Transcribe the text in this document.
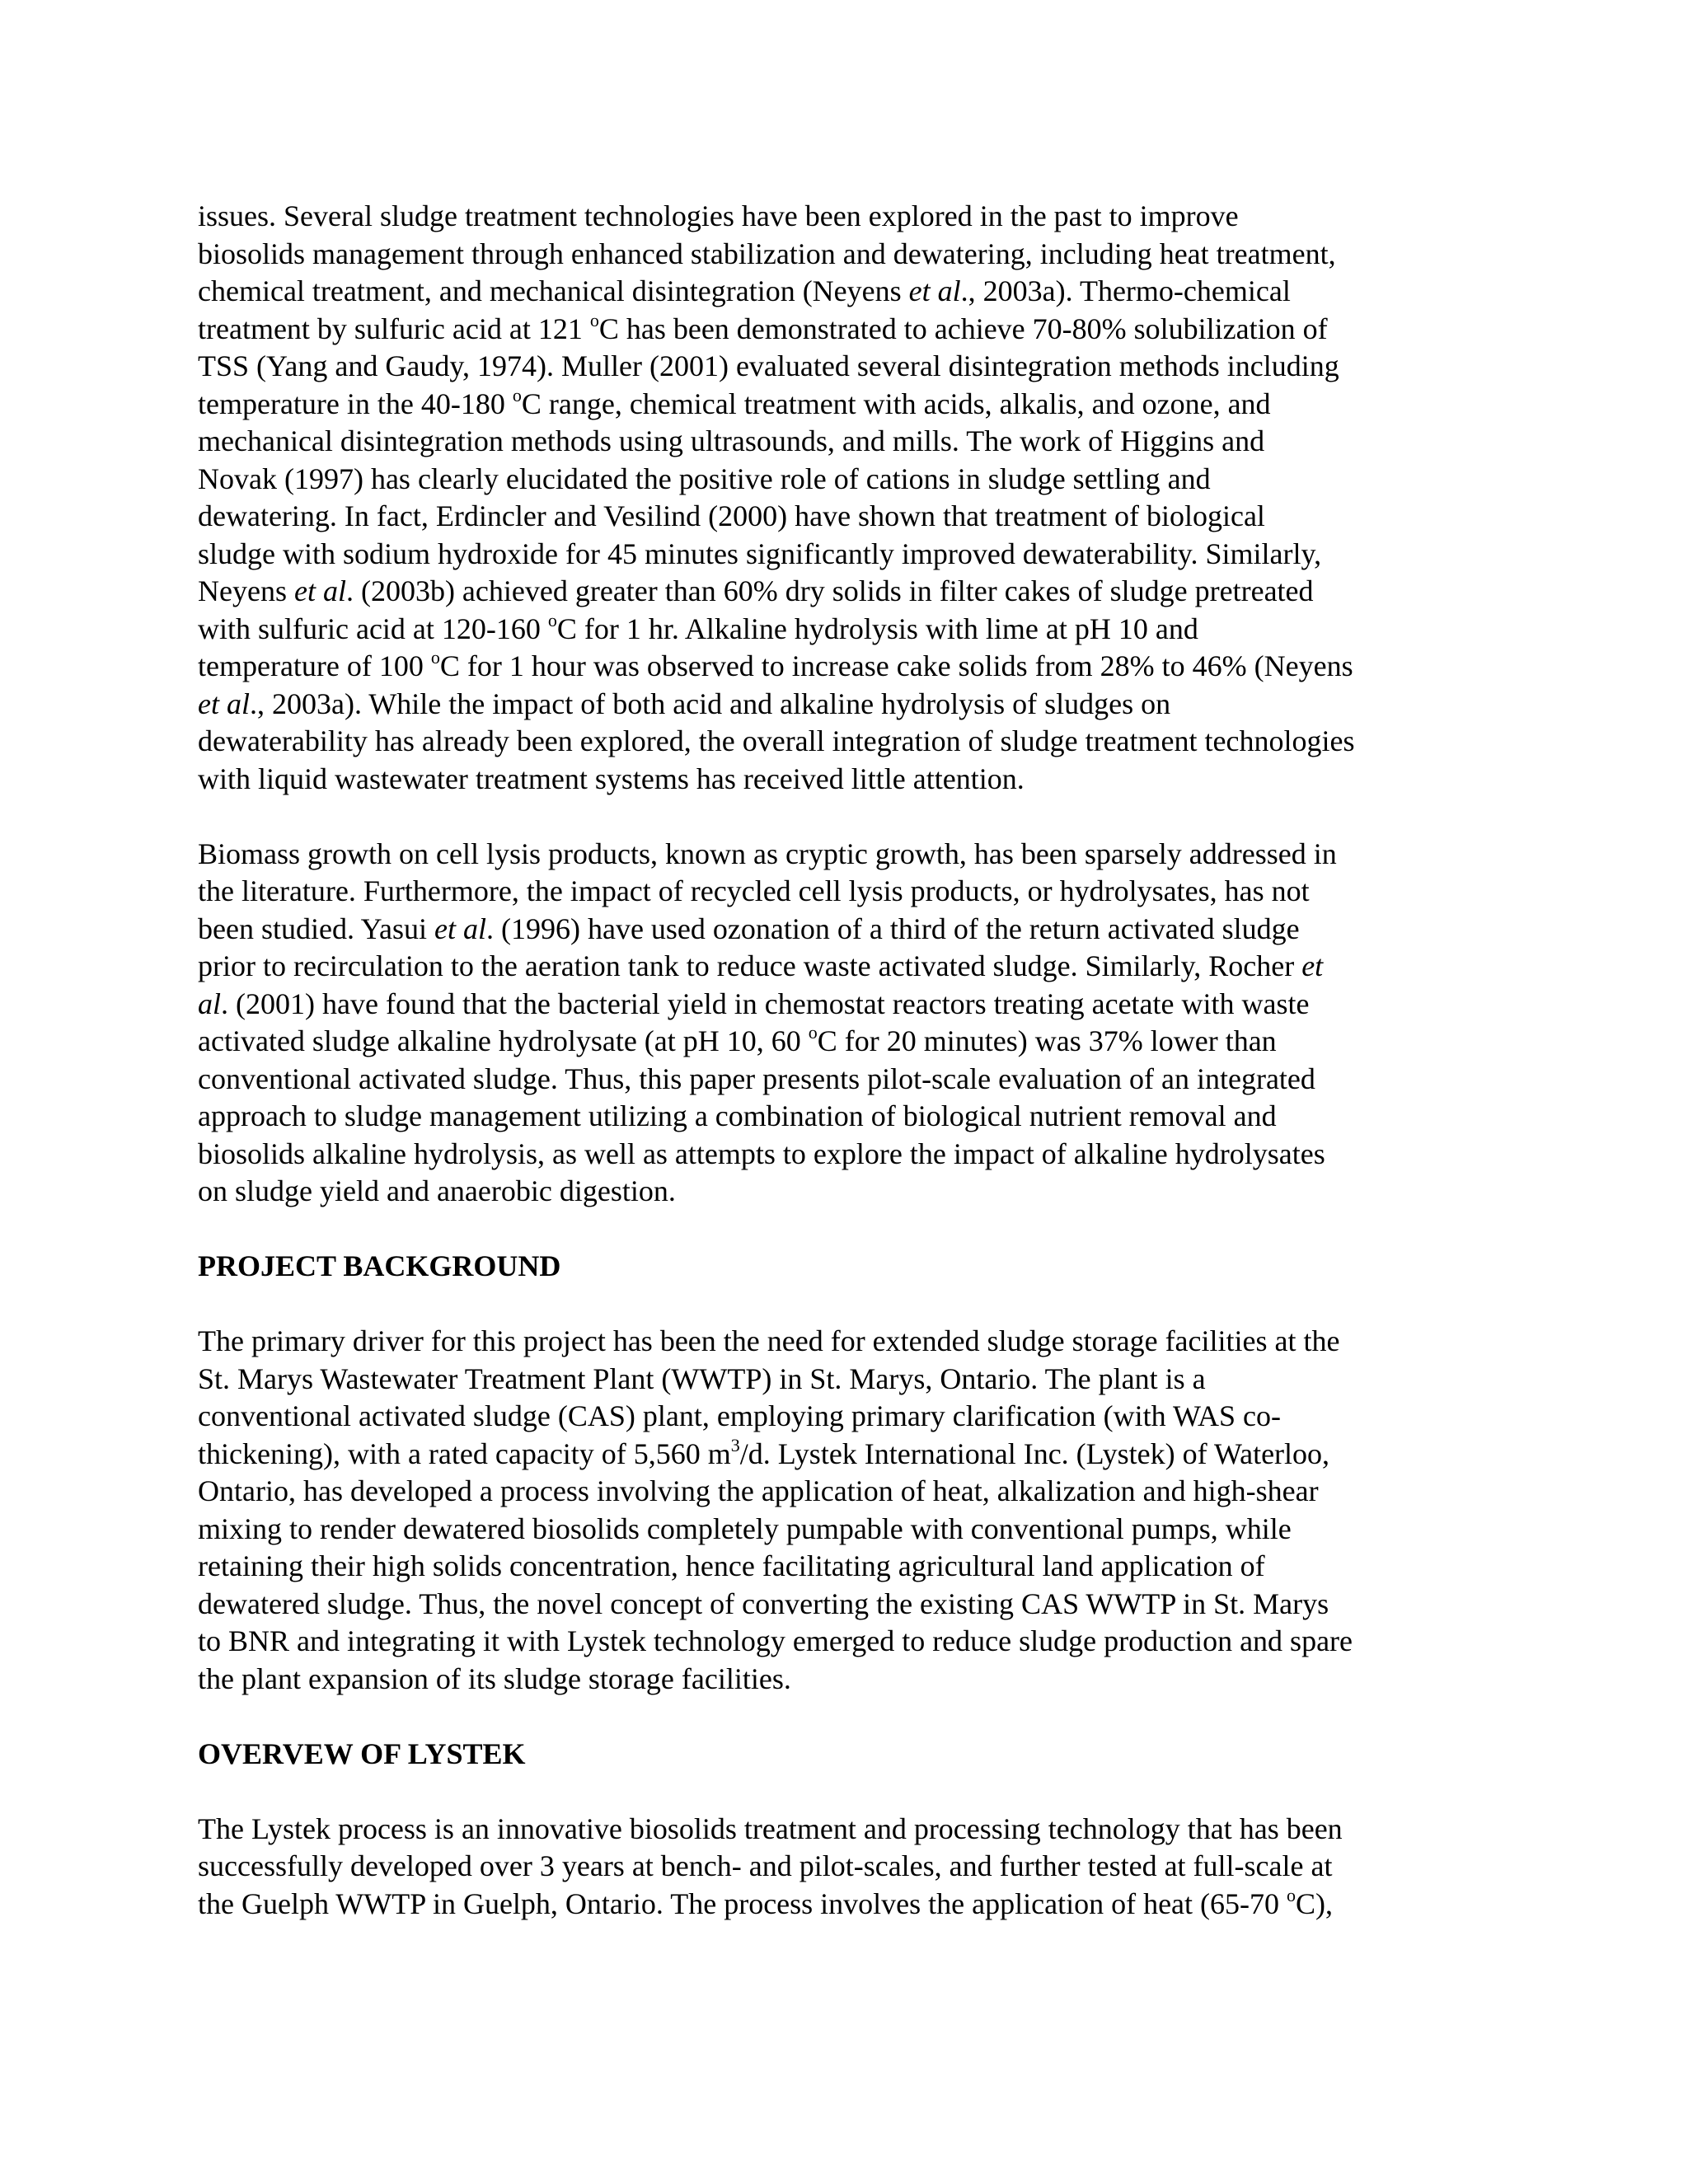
issues. Several sludge treatment technologies have been explored in the past to improve
biosolids management through enhanced stabilization and dewatering, including heat treatment,
chemical treatment, and mechanical disintegration (Neyens et al., 2003a). Thermo-chemical
treatment by sulfuric acid at 121 $^o$C has been demonstrated to achieve 70-80% solubilization of
TSS (Yang and Gaudy, 1974). Muller (2001) evaluated several disintegration methods including
temperature in the 40-180 $^o$C range, chemical treatment with acids, alkalis, and ozone, and
mechanical disintegration methods using ultrasounds, and mills. The work of Higgins and
Novak (1997) has clearly elucidated the positive role of cations in sludge settling and
dewatering. In fact, Erdincler and Vesilind (2000) have shown that treatment of biological
sludge with sodium hydroxide for 45 minutes significantly improved dewaterability. Similarly,
Neyens et al. (2003b) achieved greater than 60% dry solids in filter cakes of sludge pretreated
with sulfuric acid at 120-160 $^o$C for 1 hr. Alkaline hydrolysis with lime at pH 10 and
temperature of 100 $^o$C for 1 hour was observed to increase cake solids from 28% to 46% (Neyens
et al., 2003a). While the impact of both acid and alkaline hydrolysis of sludges on
dewaterability has already been explored, the overall integration of sludge treatment technologies
with liquid wastewater treatment systems has received little attention.
Biomass growth on cell lysis products, known as cryptic growth, has been sparsely addressed in
the literature. Furthermore, the impact of recycled cell lysis products, or hydrolysates, has not
been studied. Yasui et al. (1996) have used ozonation of a third of the return activated sludge
prior to recirculation to the aeration tank to reduce waste activated sludge. Similarly, Rocher et
al. (2001) have found that the bacterial yield in chemostat reactors treating acetate with waste
activated sludge alkaline hydrolysate (at pH 10, 60 $^o$C for 20 minutes) was 37% lower than
conventional activated sludge. Thus, this paper presents pilot-scale evaluation of an integrated
approach to sludge management utilizing a combination of biological nutrient removal and
biosolids alkaline hydrolysis, as well as attempts to explore the impact of alkaline hydrolysates
on sludge yield and anaerobic digestion.
PROJECT BACKGROUND
The primary driver for this project has been the need for extended sludge storage facilities at the
St. Marys Wastewater Treatment Plant (WWTP) in St. Marys, Ontario. The plant is a
conventional activated sludge (CAS) plant, employing primary clarification (with WAS co-
thickening), with a rated capacity of 5,560 $m^3/d$. Lystek International Inc. (Lystek) of Waterloo,
Ontario, has developed a process involving the application of heat, alkalization and high-shear
mixing to render dewatered biosolids completely pumpable with conventional pumps, while
retaining their high solids concentration, hence facilitating agricultural land application of
dewatered sludge. Thus, the novel concept of converting the existing CAS WWTP in St. Marys
to BNR and integrating it with Lystek technology emerged to reduce sludge production and spare
the plant expansion of its sludge storage facilities.
OVERVEW OF LYSTEK
The Lystek process is an innovative biosolids treatment and processing technology that has been
successfully developed over 3 years at bench- and pilot-scales, and further tested at full-scale at
the Guelph WWTP in Guelph, Ontario. The process involves the application of heat (65-70 $^o$C),
